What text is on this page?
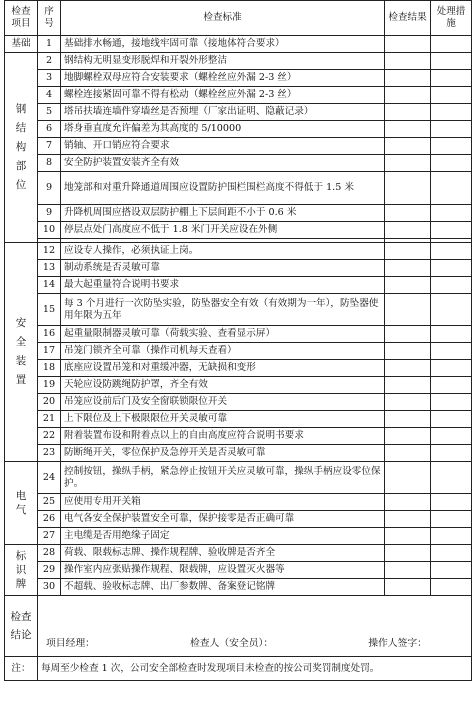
检查项目	序号	检查标准	检查结果	处理措施
基础	1	基础排水畅通，接地线牢固可靠（接地体符合要求）		
钢结构部位	2	钢结构无明显变形脱焊和开裂外形整洁		
	3	地脚螺栓双母应符合安装要求（螺栓丝应外漏 2-3 丝）		
	4	螺栓连接紧固可靠不得有松动（螺栓丝应外漏 2-3 丝）		
	5	塔吊扶墙连墙件穿墙丝是否预埋（厂家出证明、隐蔽记录）		
	6	塔身垂直度允许偏差为其高度的 5/10000		
	7	销轴、开口销应符合要求		
	8	安全防护装置安装齐全有效		
	9	地笼部和对重升降通道周围应设置防护围栏围栏高度不得低于 1.5 米		
	9	升降机周围应搭设双层防护棚上下层间距不小于 0.6 米		
	10	停层点处门高度应不低于 1.8 米门开关应设在外侧		

安全装置	12	应设专人操作，必须执证上岗。		
	13	制动系统是否灵敏可靠		
	14	最大起重量符合说明书要求		
	15	每 3 个月进行一次防坠实验，防坠器安全有效（有效期为一年），防坠器使用年限为五年		
	16	起重量限制器灵敏可靠（荷载实验、查看显示屏）		
	17	吊笼门锁齐全可靠（操作司机每天查看）		
	18	底座应设置吊笼和对重缓冲器，无缺损和变形		
	19	天轮应设防跳绳防护罩，齐全有效		
	20	吊笼应设前后门及安全窗联锁限位开关		
	21	上下限位及上下极限限位开关灵敏可靠		
	22	附着装置布设和附着点以上的自由高度应符合说明书要求		
	23	防断绳开关，零位保护及急停开关是否灵敏可靠		
电气	24	控制按钮，操纵手柄，紧急停止按钮开关应灵敏可靠，操纵手柄应设零位保护。		
	25	应使用专用开关箱		
	26	电气各安全保护装置安全可靠，保护接零是否正确可靠		
	27	主电缆是否用绝缘子固定		
标识牌	28	荷载、限载标志牌、操作规程牌、验收牌是否齐全		
	29	操作室内应张贴操作规程、限载牌，应设置灭火器等		
	30	不超载、验收标志牌、出厂参数牌、备案登记铭牌		
检查结论	项目经理： 检查人（安全员）： 操作人签字：			

注：	每周至少检查 1 次，公司安全部检查时发现项目未检查的按公司奖罚制度处罚。			
